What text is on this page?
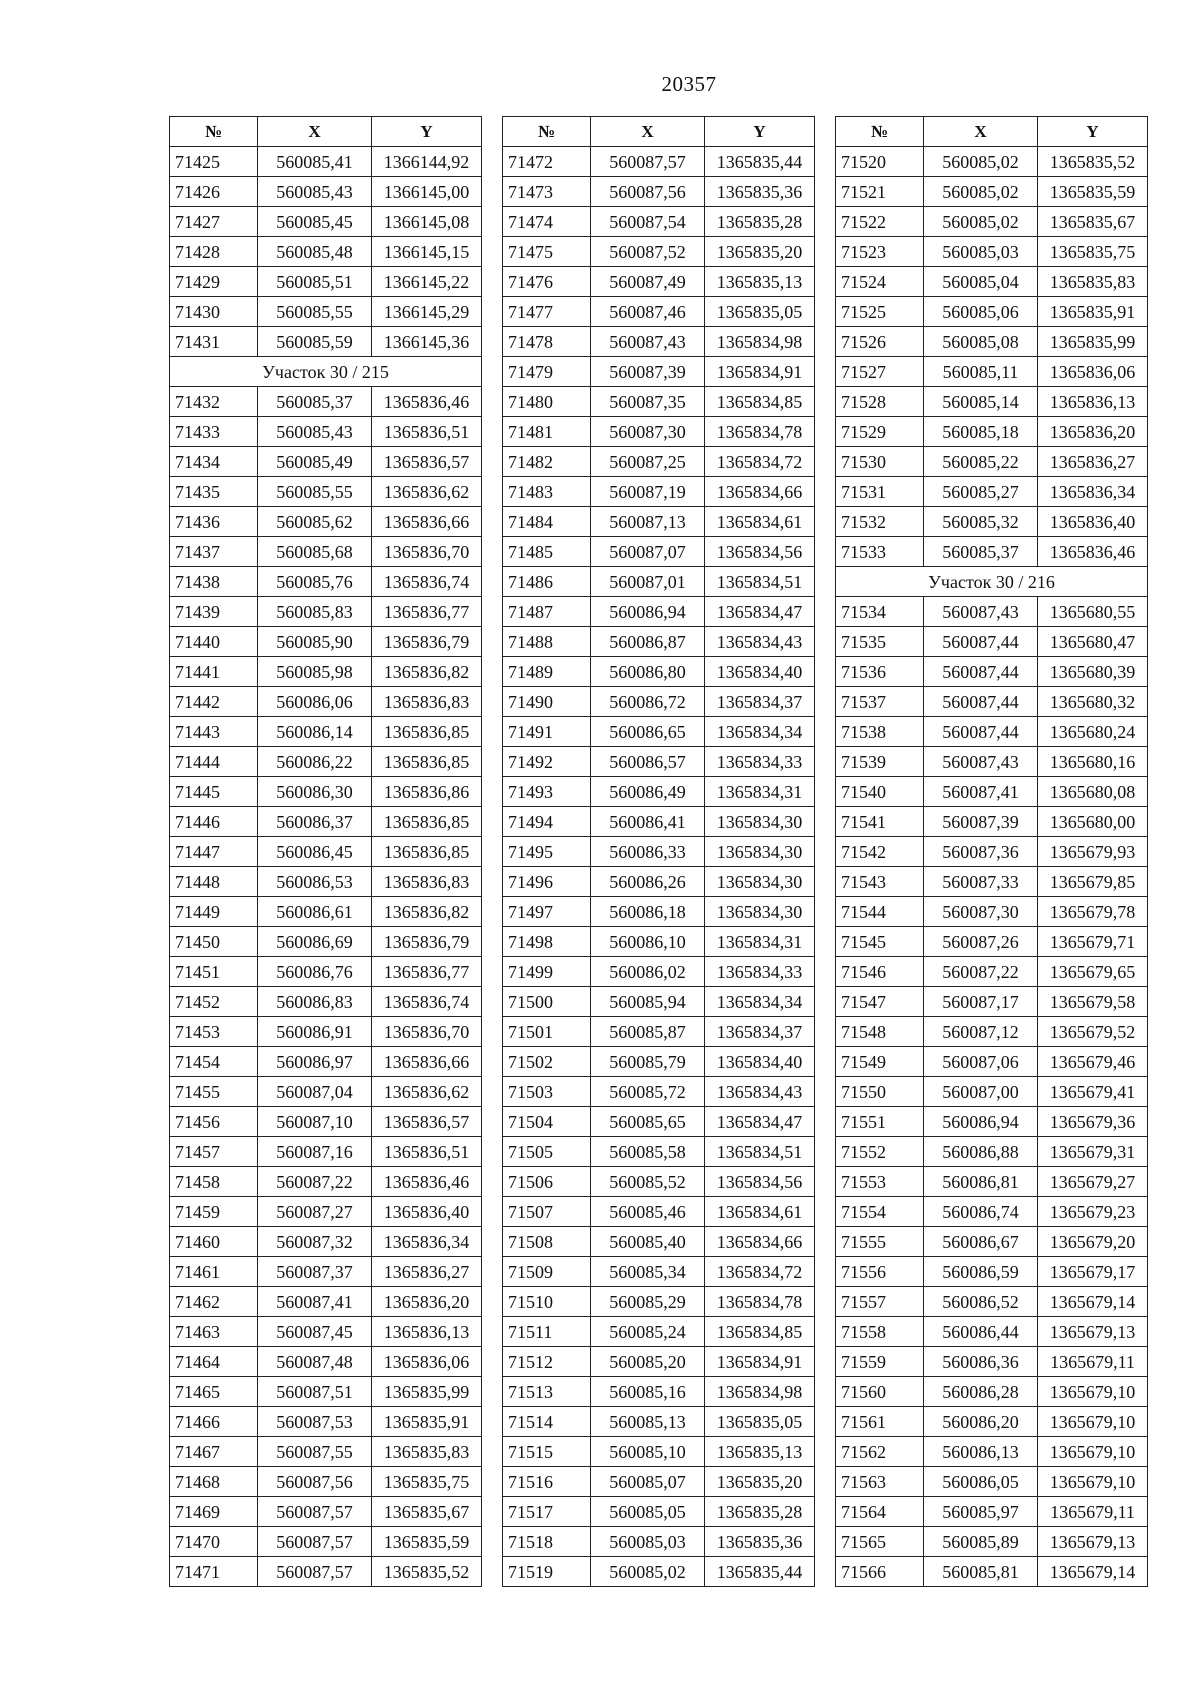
20357
№	X	Y
71425	560085,41	1366144,92
71426	560085,43	1366145,00
71427	560085,45	1366145,08
71428	560085,48	1366145,15
71429	560085,51	1366145,22
71430	560085,55	1366145,29
71431	560085,59	1366145,36
Участок 30 / 215		
71432	560085,37	1365836,46
71433	560085,43	1365836,51
71434	560085,49	1365836,57
71435	560085,55	1365836,62
71436	560085,62	1365836,66
71437	560085,68	1365836,70
71438	560085,76	1365836,74
71439	560085,83	1365836,77
71440	560085,90	1365836,79
71441	560085,98	1365836,82
71442	560086,06	1365836,83
71443	560086,14	1365836,85
71444	560086,22	1365836,85
71445	560086,30	1365836,86
71446	560086,37	1365836,85
71447	560086,45	1365836,85
71448	560086,53	1365836,83
71449	560086,61	1365836,82
71450	560086,69	1365836,79
71451	560086,76	1365836,77
71452	560086,83	1365836,74
71453	560086,91	1365836,70
71454	560086,97	1365836,66
71455	560087,04	1365836,62
71456	560087,10	1365836,57
71457	560087,16	1365836,51
71458	560087,22	1365836,46
71459	560087,27	1365836,40
71460	560087,32	1365836,34
71461	560087,37	1365836,27
71462	560087,41	1365836,20
71463	560087,45	1365836,13
71464	560087,48	1365836,06
71465	560087,51	1365835,99
71466	560087,53	1365835,91
71467	560087,55	1365835,83
71468	560087,56	1365835,75
71469	560087,57	1365835,67
71470	560087,57	1365835,59
71471	560087,57	1365835,52
№	X	Y
71472	560087,57	1365835,44
71473	560087,56	1365835,36
71474	560087,54	1365835,28
71475	560087,52	1365835,20
71476	560087,49	1365835,13
71477	560087,46	1365835,05
71478	560087,43	1365834,98
71479	560087,39	1365834,91
71480	560087,35	1365834,85
71481	560087,30	1365834,78
71482	560087,25	1365834,72
71483	560087,19	1365834,66
71484	560087,13	1365834,61
71485	560087,07	1365834,56
71486	560087,01	1365834,51
71487	560086,94	1365834,47
71488	560086,87	1365834,43
71489	560086,80	1365834,40
71490	560086,72	1365834,37
71491	560086,65	1365834,34
71492	560086,57	1365834,33
71493	560086,49	1365834,31
71494	560086,41	1365834,30
71495	560086,33	1365834,30
71496	560086,26	1365834,30
71497	560086,18	1365834,30
71498	560086,10	1365834,31
71499	560086,02	1365834,33
71500	560085,94	1365834,34
71501	560085,87	1365834,37
71502	560085,79	1365834,40
71503	560085,72	1365834,43
71504	560085,65	1365834,47
71505	560085,58	1365834,51
71506	560085,52	1365834,56
71507	560085,46	1365834,61
71508	560085,40	1365834,66
71509	560085,34	1365834,72
71510	560085,29	1365834,78
71511	560085,24	1365834,85
71512	560085,20	1365834,91
71513	560085,16	1365834,98
71514	560085,13	1365835,05
71515	560085,10	1365835,13
71516	560085,07	1365835,20
71517	560085,05	1365835,28
71518	560085,03	1365835,36
71519	560085,02	1365835,44
№	X	Y
71520	560085,02	1365835,52
71521	560085,02	1365835,59
71522	560085,02	1365835,67
71523	560085,03	1365835,75
71524	560085,04	1365835,83
71525	560085,06	1365835,91
71526	560085,08	1365835,99
71527	560085,11	1365836,06
71528	560085,14	1365836,13
71529	560085,18	1365836,20
71530	560085,22	1365836,27
71531	560085,27	1365836,34
71532	560085,32	1365836,40
71533	560085,37	1365836,46
Участок 30 / 216		
71534	560087,43	1365680,55
71535	560087,44	1365680,47
71536	560087,44	1365680,39
71537	560087,44	1365680,32
71538	560087,44	1365680,24
71539	560087,43	1365680,16
71540	560087,41	1365680,08
71541	560087,39	1365680,00
71542	560087,36	1365679,93
71543	560087,33	1365679,85
71544	560087,30	1365679,78
71545	560087,26	1365679,71
71546	560087,22	1365679,65
71547	560087,17	1365679,58
71548	560087,12	1365679,52
71549	560087,06	1365679,46
71550	560087,00	1365679,41
71551	560086,94	1365679,36
71552	560086,88	1365679,31
71553	560086,81	1365679,27
71554	560086,74	1365679,23
71555	560086,67	1365679,20
71556	560086,59	1365679,17
71557	560086,52	1365679,14
71558	560086,44	1365679,13
71559	560086,36	1365679,11
71560	560086,28	1365679,10
71561	560086,20	1365679,10
71562	560086,13	1365679,10
71563	560086,05	1365679,10
71564	560085,97	1365679,11
71565	560085,89	1365679,13
71566	560085,81	1365679,14
